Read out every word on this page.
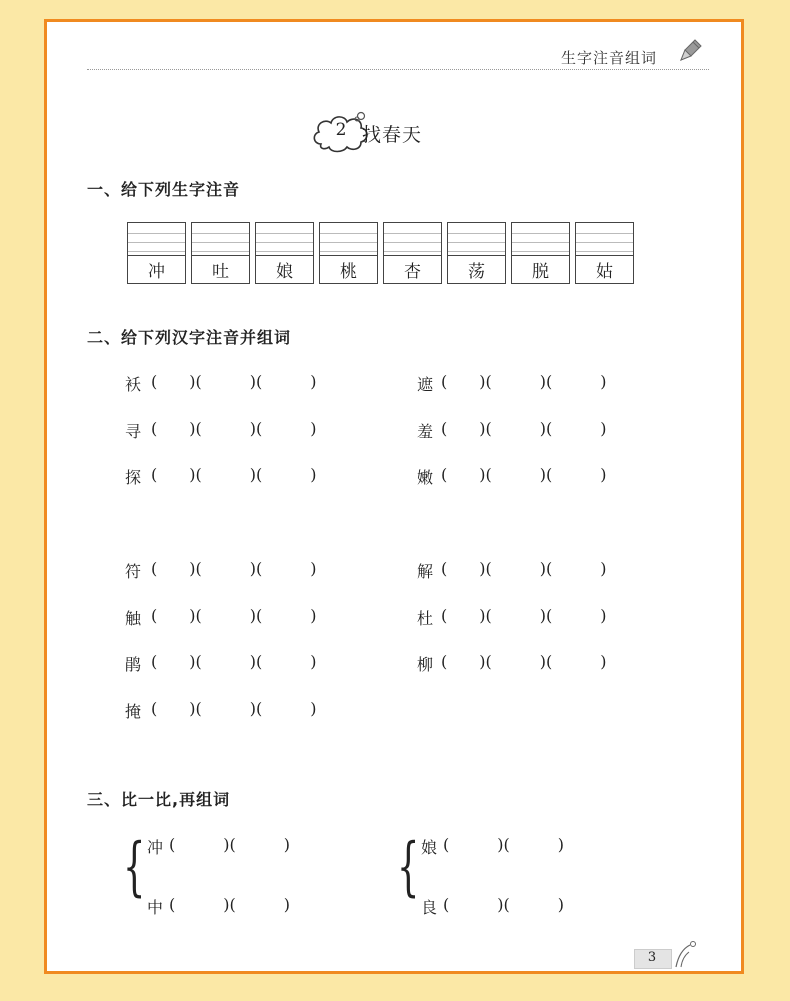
生字注音组词
2 找春天
一、给下列生字注音
冲	吐	娘	桃	杏	荡	脱	姑
二、给下列汉字注音并组词
袄 (  )(   )(   )
寻 (  )(   )(   )
探 (  )(   )(   )
符 (  )(   )(   )
触 (  )(   )(   )
鹃 (  )(   )(   )
掩 (  )(   )(   )
遮 (  )(   )(   )
羞 (  )(   )(   )
嫩 (  )(   )(   )
解 (  )(   )(   )
杜 (  )(   )(   )
柳 (  )(   )(   )
三、比一比,再组词
{ 冲 (   )(   )
中 (   )(   )
{ 娘 (   )(   )
良 (   )(   )
3
